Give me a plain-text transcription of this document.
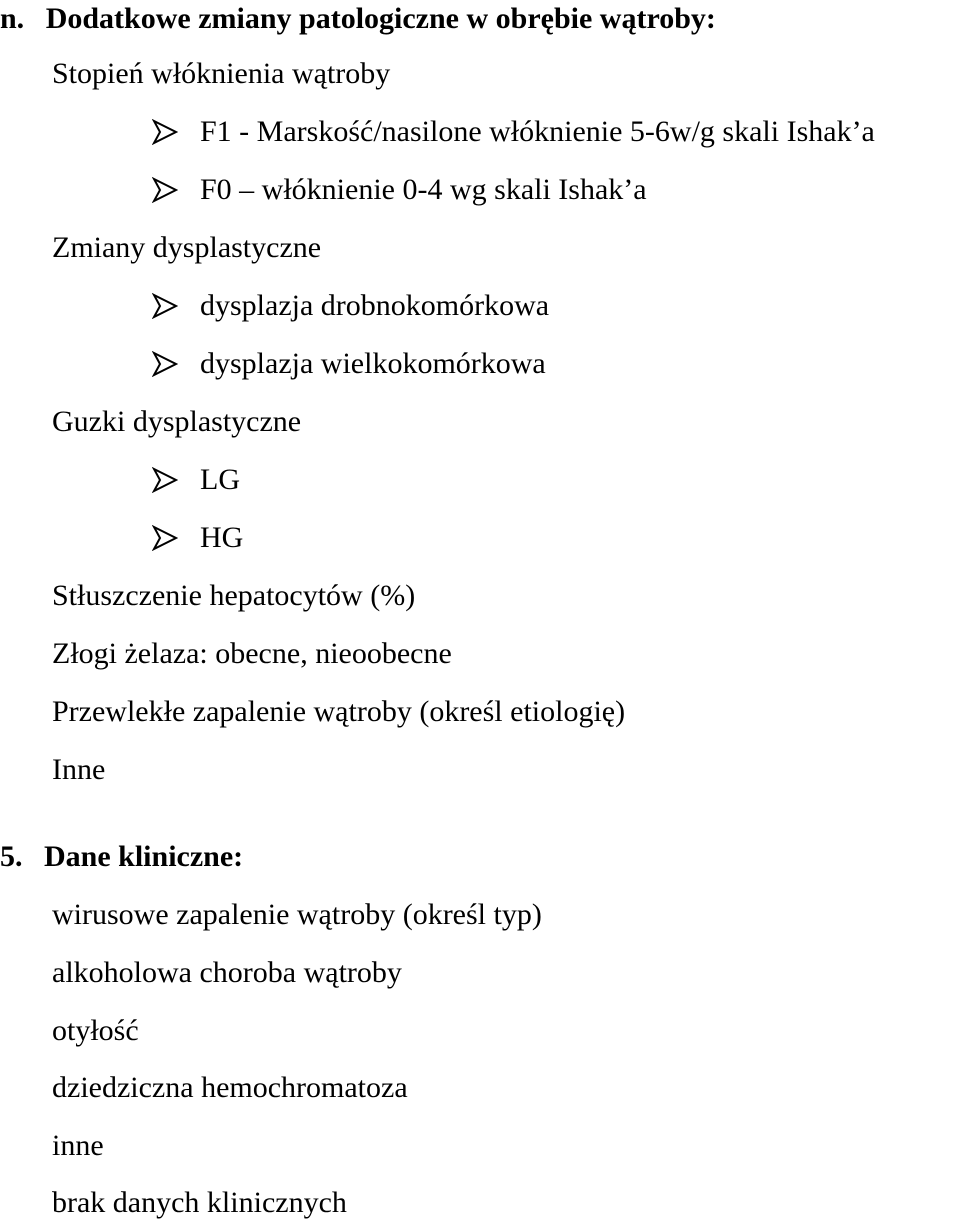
n. Dodatkowe zmiany patologiczne w obrębie wątroby:
Stopień włóknienia wątroby
F1 - Marskość/nasilone włóknienie 5-6w/g skali Ishak’a
F0 – włóknienie 0-4 wg skali Ishak’a
Zmiany dysplastyczne
dysplazja drobnokomórkowa
dysplazja wielkokomórkowa
Guzki dysplastyczne
LG
HG
Stłuszczenie hepatocytów (%)
Złogi żelaza: obecne, nieoobecne
Przewlekłe zapalenie wątroby (określ etiologię)
Inne
5. Dane kliniczne:
wirusowe zapalenie wątroby (określ typ)
alkoholowa choroba wątroby
otyłość
dziedziczna hemochromatoza
inne
brak danych klinicznych
